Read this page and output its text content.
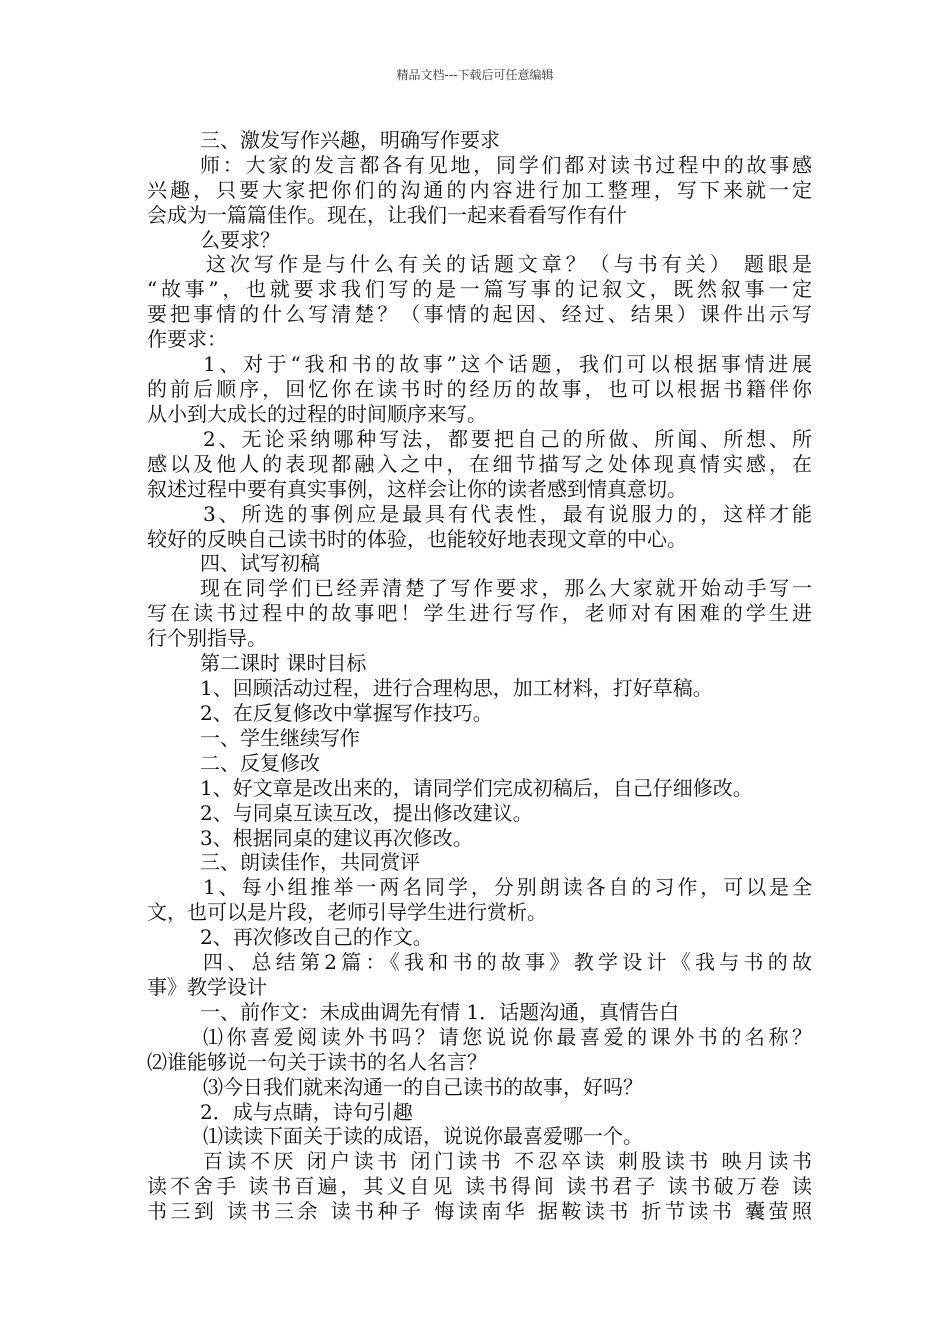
精品文档---下载后可任意编辑
三、激发写作兴趣，明确写作要求
师：大家的发言都各有见地，同学们都对读书过程中的故事感
兴趣，只要大家把你们的沟通的内容进行加工整理，写下来就一定
会成为一篇篇佳作。现在，让我们一起来看看写作有什
么要求？
这次写作是与什么有关的话题文章？（与书有关） 题眼是
“故事”，也就要求我们写的是一篇写事的记叙文，既然叙事一定
要把事情的什么写清楚？（事情的起因、经过、结果）课件出示写
作要求：
1、对于“我和书的故事”这个话题，我们可以根据事情进展
的前后顺序，回忆你在读书时的经历的故事，也可以根据书籍伴你
从小到大成长的过程的时间顺序来写。
2、无论采纳哪种写法，都要把自己的所做、所闻、所想、所
感以及他人的表现都融入之中，在细节描写之处体现真情实感，在
叙述过程中要有真实事例，这样会让你的读者感到情真意切。
3、所选的事例应是最具有代表性，最有说服力的，这样才能
较好的反映自己读书时的体验，也能较好地表现文章的中心。
四、试写初稿
现在同学们已经弄清楚了写作要求，那么大家就开始动手写一
写在读书过程中的故事吧！学生进行写作，老师对有困难的学生进
行个别指导。
第二课时 课时目标
1、回顾活动过程，进行合理构思，加工材料，打好草稿。
2、在反复修改中掌握写作技巧。
一、学生继续写作
二、反复修改
1、好文章是改出来的，请同学们完成初稿后，自己仔细修改。
2、与同桌互读互改，提出修改建议。
3、根据同桌的建议再次修改。
三、朗读佳作，共同赏评
1、每小组推举一两名同学，分别朗读各自的习作，可以是全
文，也可以是片段，老师引导学生进行赏析。
2、再次修改自己的作文。
四、总结第2篇：《我和书的故事》教学设计《我与书的故
事》教学设计
一、前作文：未成曲调先有情 1．话题沟通，真情告白
⑴你喜爱阅读外书吗？请您说说你最喜爱的课外书的名称？
⑵谁能够说一句关于读书的名人名言？
⑶今日我们就来沟通一的自己读书的故事，好吗？
2．成与点睛，诗句引趣
⑴读读下面关于读的成语，说说你最喜爱哪一个。
百读不厌 闭户读书 闭门读书 不忍卒读 刺股读书 映月读书
读不舍手 读书百遍，其义自见 读书得间 读书君子 读书破万卷 读
书三到 读书三余 读书种子 悔读南华 据鞍读书 折节读书 囊萤照
